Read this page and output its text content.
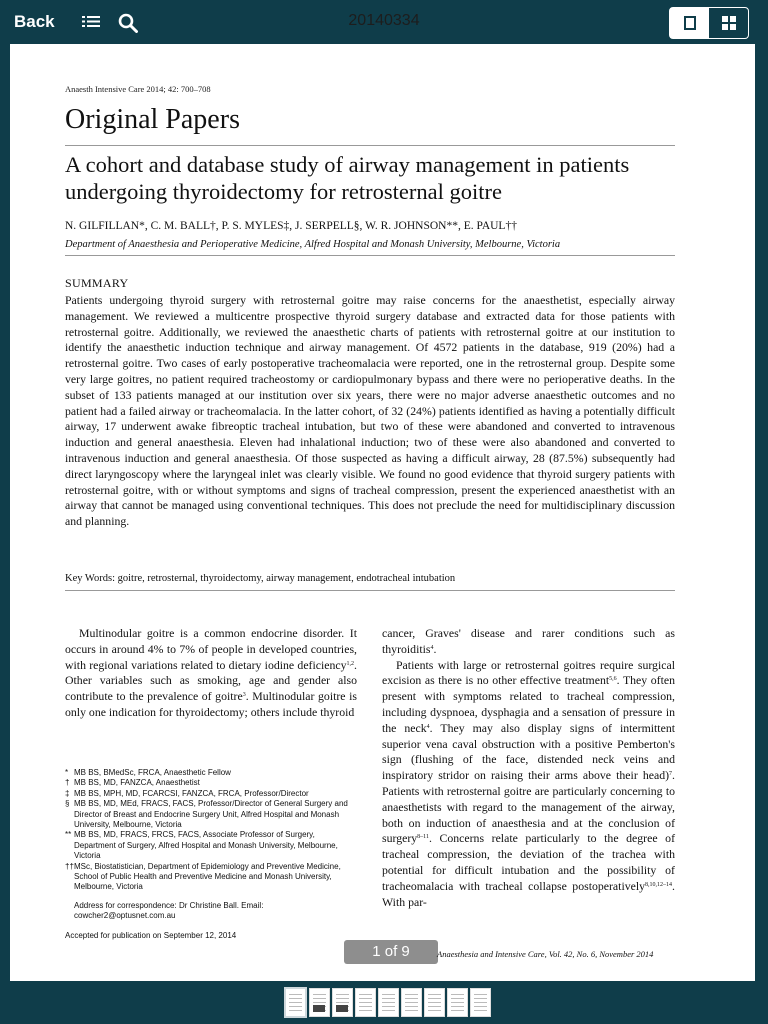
Back	20140334
Anaesth Intensive Care 2014; 42: 700–708
Original Papers
A cohort and database study of airway management in patients undergoing thyroidectomy for retrosternal goitre
N. GILFILLAN*, C. M. BALL†, P. S. MYLES‡, J. SERPELL§, W. R. JOHNSON**, E. PAUL††
Department of Anaesthesia and Perioperative Medicine, Alfred Hospital and Monash University, Melbourne, Victoria
SUMMARY
Patients undergoing thyroid surgery with retrosternal goitre may raise concerns for the anaesthetist, especially airway management. We reviewed a multicentre prospective thyroid surgery database and extracted data for those patients with retrosternal goitre. Additionally, we reviewed the anaesthetic charts of patients with retrosternal goitre at our institution to identify the anaesthetic induction technique and airway management. Of 4572 patients in the database, 919 (20%) had a retrosternal goitre. Two cases of early postoperative tracheomalacia were reported, one in the retrosternal group. Despite some very large goitres, no patient required tracheostomy or cardiopulmonary bypass and there were no perioperative deaths. In the subset of 133 patients managed at our institution over six years, there were no major adverse anaesthetic outcomes and no patient had a failed airway or tracheomalacia. In the latter cohort, of 32 (24%) patients identified as having a potentially difficult airway, 17 underwent awake fibreoptic tracheal intubation, but two of these were abandoned and converted to intravenous induction and general anaesthesia. Eleven had inhalational induction; two of these were also abandoned and converted to intravenous induction and general anaesthesia. Of those suspected as having a difficult airway, 28 (87.5%) subsequently had direct laryngoscopy where the laryngeal inlet was clearly visible. We found no good evidence that thyroid surgery patients with retrosternal goitre, with or without symptoms and signs of tracheal compression, present the experienced anaesthetist with an airway that cannot be managed using conventional techniques. This does not preclude the need for multidisciplinary discussion and planning.
Key Words: goitre, retrosternal, thyroidectomy, airway management, endotracheal intubation

Multinodular goitre is a common endocrine disorder. It occurs in around 4% to 7% of people in developed countries, with regional variations related to dietary iodine deficiency$^{1,2}$. Other variables such as smoking, age and gender also contribute to the prevalence of goitre$^3$. Multinodular goitre is only one indication for thyroidectomy; others include thyroid

* MB BS, BMedSc, FRCA, Anaesthetic Fellow
† MB BS, MD, FANZCA, Anaesthetist
‡ MB BS, MPH, MD, FCARCSI, FANZCA, FRCA, Professor/Director
§ MB BS, MD, MEd, FRACS, FACS, Professor/Director of General Surgery and Director of Breast and Endocrine Surgery Unit, Alfred Hospital and Monash University, Melbourne, Victoria
** MB BS, MD, FRACS, FRCS, FACS, Associate Professor of Surgery, Department of Surgery, Alfred Hospital and Monash University, Melbourne, Victoria
†† MSc, Biostatistician, Department of Epidemiology and Preventive Medicine, School of Public Health and Preventive Medicine and Monash University, Melbourne, Victoria
Address for correspondence: Dr Christine Ball. Email: cowcher2@optusnet.com.au
Accepted for publication on September 12, 2014

cancer, Graves' disease and rarer conditions such as thyroiditis$^4$.

Patients with large or retrosternal goitres require surgical excision as there is no other effective treatment$^{5,6}$. They often present with symptoms related to tracheal compression, including dyspnoea, dysphagia and a sensation of pressure in the neck$^4$. They may also display signs of intermittent superior vena caval obstruction with a positive Pemberton's sign (flushing of the face, distended neck veins and inspiratory stridor on raising their arms above their head)$^7$. Patients with retrosternal goitre are particularly concerning to anaesthetists with regard to the management of the airway, both on induction of anaesthesia and at the conclusion of surgery$^{8-11}$. Concerns relate particularly to the degree of tracheal compression, the deviation of the trachea with potential for difficult intubation and the possibility of tracheomalacia with tracheal collapse postoperatively$^{8,10,12-14}$. With par-

1 of 9	Anaesthesia and Intensive Care, Vol. 42, No. 6, November 2014
